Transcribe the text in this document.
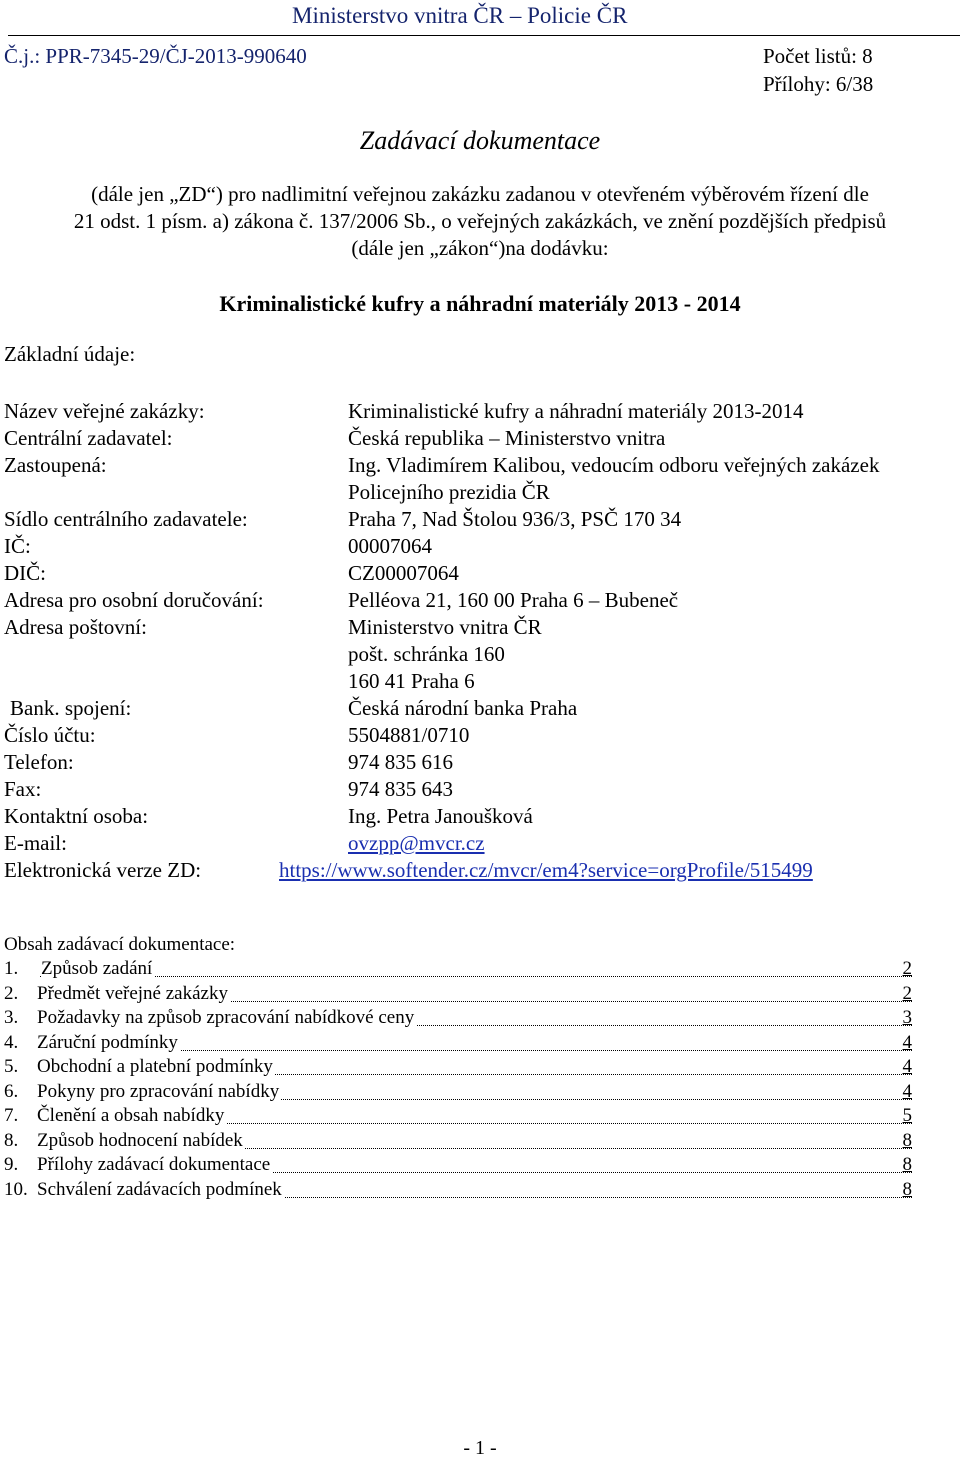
Ministerstvo vnitra ČR – Policie ČR
Č.j.: PPR-7345-29/ČJ-2013-990640	Počet listů: 8
Přílohy: 6/38
Zadávací dokumentace
(dále jen „ZD“) pro nadlimitní veřejnou zakázku zadanou v otevřeném výběrovém řízení dle
21 odst. 1 písm. a) zákona č. 137/2006 Sb., o veřejných zakázkách, ve znění pozdějších předpisů
(dále jen „zákon“)na dodávku:
Kriminalistické kufry a náhradní materiály 2013 - 2014
Základní údaje:
Název veřejné zakázky:	Kriminalistické kufry a náhradní materiály 2013-2014
Centrální zadavatel:	Česká republika – Ministerstvo vnitra
Zastoupená:	Ing. Vladimírem Kalibou, vedoucím odboru veřejných zakázek
Policejního prezidia ČR
Sídlo centrálního zadavatele:	Praha 7, Nad Štolou 936/3, PSČ 170 34
IČ:	00007064
DIČ:	CZ00007064
Adresa pro osobní doručování:	Pelléova 21, 160 00 Praha 6 – Bubeneč
Adresa poštovní:	Ministerstvo vnitra ČR
pošt. schránka 160
160 41 Praha 6
Bank. spojení:	Česká národní banka Praha
Číslo účtu:	5504881/0710
Telefon:	974 835 616
Fax:	974 835 643
Kontaktní osoba:	Ing. Petra Janoušková
E-mail:	ovzpp@mvcr.cz
Elektronická verze ZD:	https://www.softender.cz/mvcr/em4?service=orgProfile/515499
Obsah zadávací dokumentace:
1. Způsob zadání	2
2. Předmět veřejné zakázky	2
3. Požadavky na způsob zpracování nabídkové ceny	3
4. Záruční podmínky	4
5. Obchodní a platební podmínky	4
6. Pokyny pro zpracování nabídky	4
7. Členění a obsah nabídky	5
8. Způsob hodnocení nabídek	8
9. Přílohy zadávací dokumentace	8
10. Schválení zadávacích podmínek	8
- 1 -
